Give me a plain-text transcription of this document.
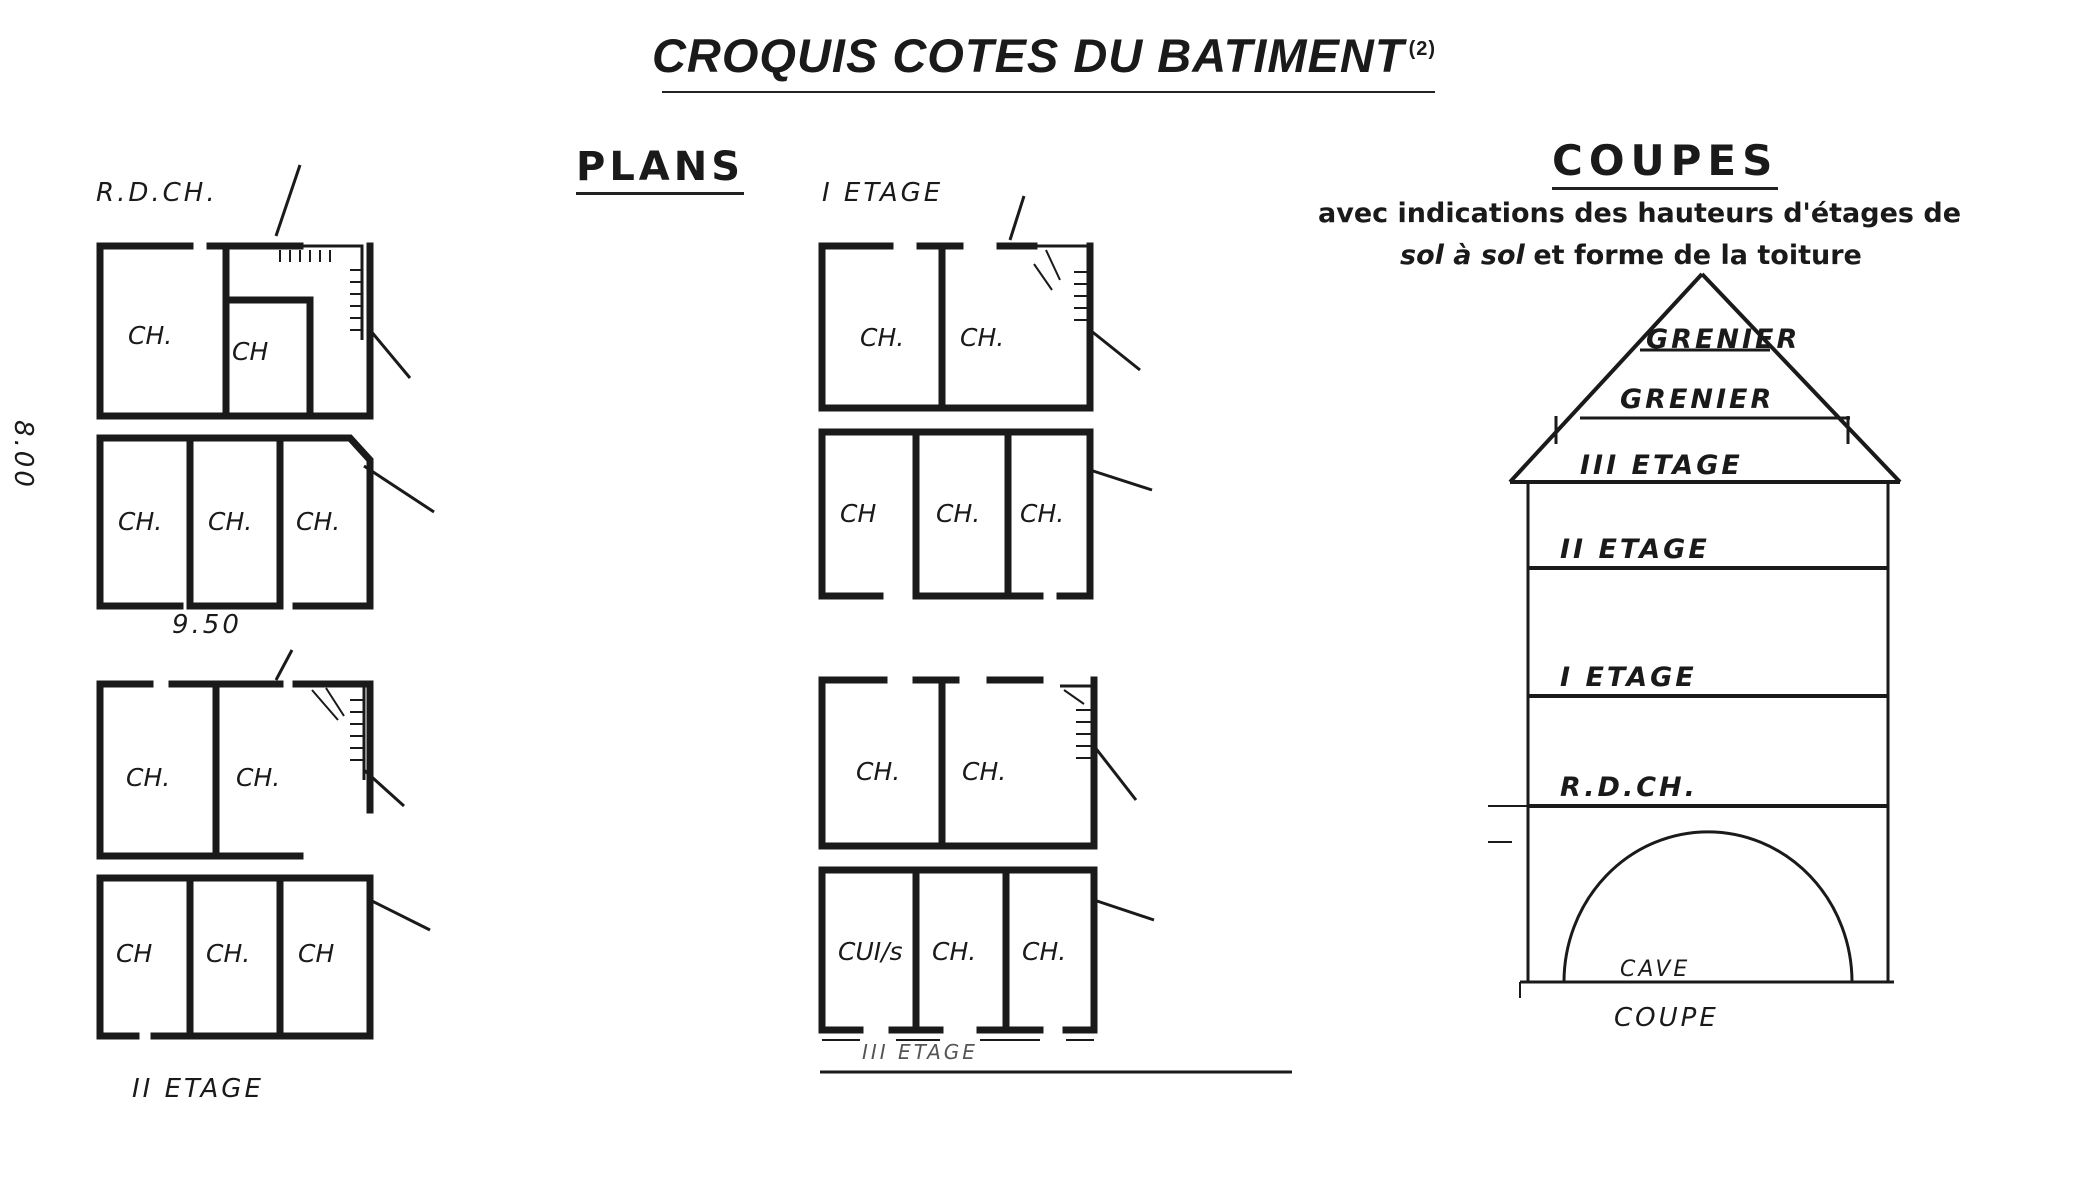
CROQUIS COTES DU BATIMENT $^{(2)}$
PLANS	COUPES
avec indications des hauteurs d'étages de
sol à sol et forme de la toiture
R.D.CH.	I ETAGE
II ETAGE
III ETAGE
9.50
8.00
CH.
CH
CH. CH. CH.
CH.	CH.
CH CH. CH
CH. CH.
CH CH. CH.
CH. CH.
CUI/s CH. CH.
GRENIER
GRENIER
III ETAGE
II ETAGE
I ETAGE
R.D.CH.
CAVE
COUPE
